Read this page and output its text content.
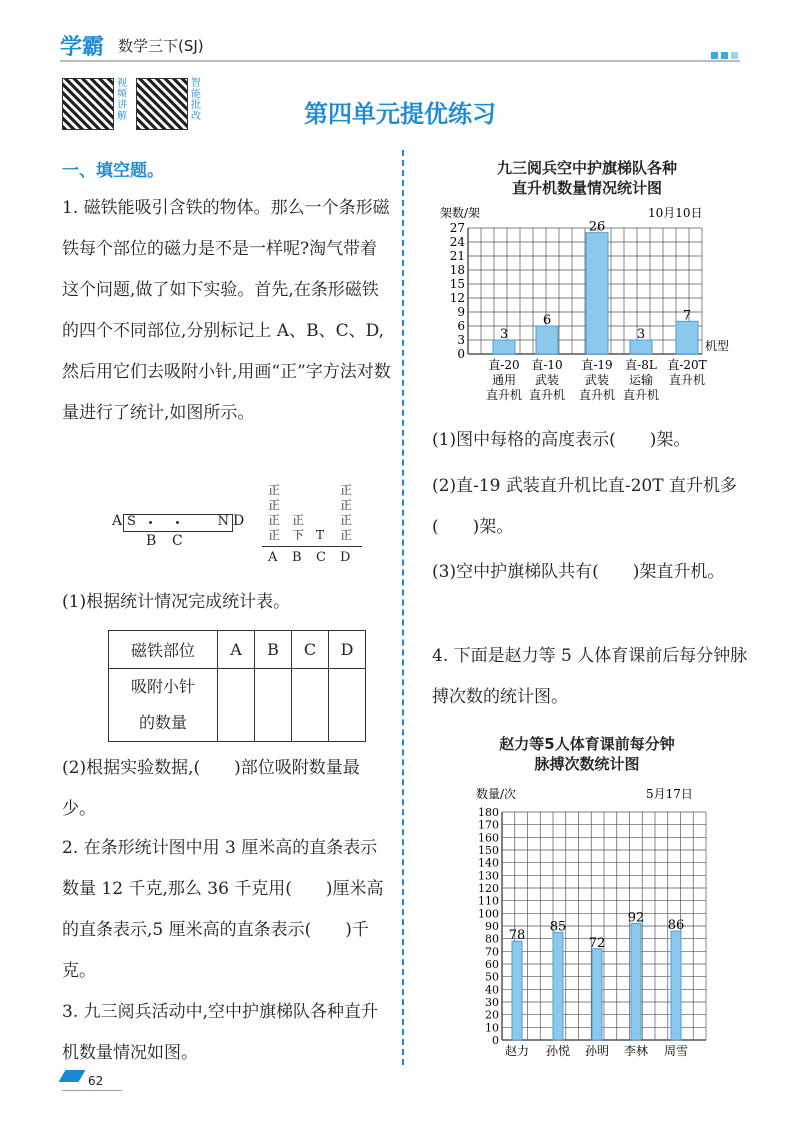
学霸 数学三下(SJ)
视频讲解
智能批改	第四单元提优练习
一、填空题。
1. 磁铁能吸引含铁的物体。那么一个条形磁铁每个部位的磁力是不是一样呢?淘气带着这个问题,做了如下实验。首先,在条形磁铁的四个不同部位,分别标记上 A、B、C、D,然后用它们去吸附小针,用画“正”字方法对数量进行了统计,如图所示。
A S	N D
B C	正
正
正
正
A
下
正
B
T
C
正
正
正
正
D
(1)根据统计情况完成统计表。
磁铁部位	A	B	C	D

吸附小针
的数量				

(2)根据实验数据,(　　)部位吸附数量最少。
2. 在条形统计图中用 3 厘米高的直条表示数量 12 千克,那么 36 千克用(　　)厘米高的直条表示,5 厘米高的直条表示(　　)千克。
3. 九三阅兵活动中,空中护旗梯队各种直升机数量情况如图。
九三阅兵空中护旗梯队各种
直升机数量情况统计图
0
3
6
9
12
15
18
21
24
27
架数/架	10月10日
机型
3
直-20
通用
直升机
6
直-10
武装
直升机
26
直-19
武装
直升机
3
直-8L
运输
直升机
7
直-20T
直升机
(1)图中每格的高度表示(　　)架。
(2)直-19 武装直升机比直-20T 直升机多(　　)架。
(3)空中护旗梯队共有(　　)架直升机。
4. 下面是赵力等 5 人体育课前后每分钟脉搏次数的统计图。
赵力等5人体育课前每分钟
脉搏次数统计图
0
10
20
30
40
50
60
70
80
90
100
110
120
130
140
150
160
170
180
数量/次	5月17日
78
赵力
85
孙悦
72
孙明
92
李林
86
周雪
62
